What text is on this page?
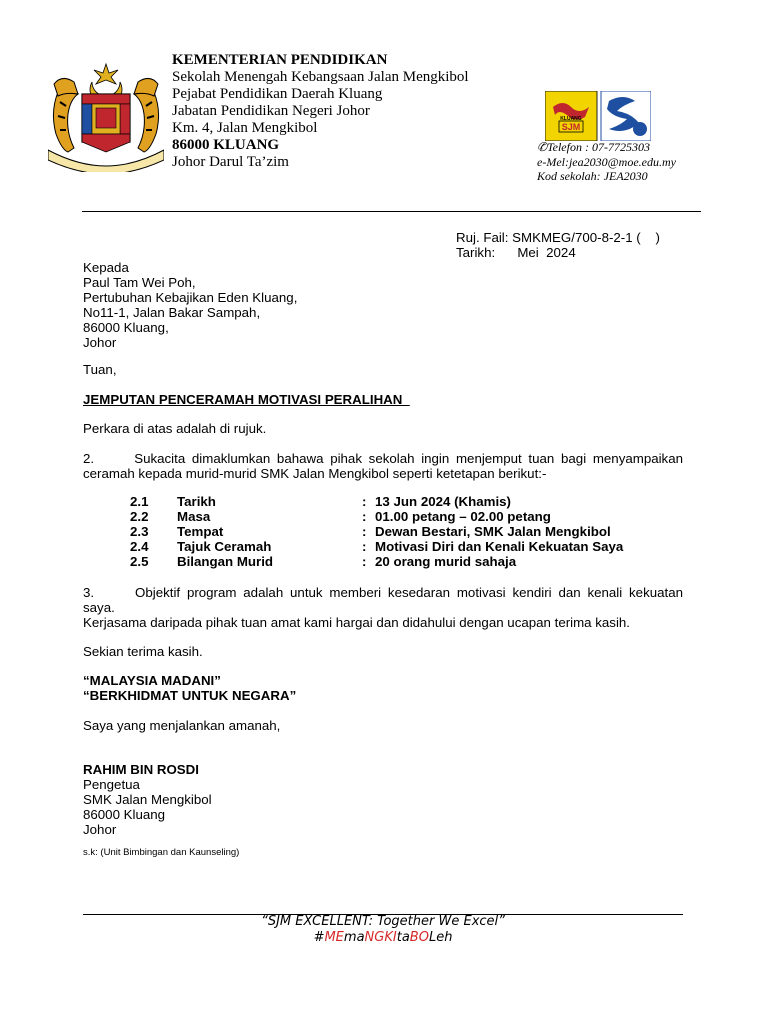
KEMENTERIAN PENDIDIKAN
Sekolah Menengah Kebangsaan Jalan Mengkibol
Pejabat Pendidikan Daerah Kluang
Jabatan Pendidikan Negeri Johor
Km. 4, Jalan Mengkibol
86000 KLUANG
Johor Darul Ta’zim
SJM
KLUANG
✆Telefon : 07-7725303
e-Mel:jea2030@moe.edu.my
Kod sekolah: JEA2030
Ruj. Fail: SMKMEG/700-8-2-1 (    )
Tarikh:      Mei  2024
Kepada
Paul Tam Wei Poh,
Pertubuhan Kebajikan Eden Kluang,
No11-1, Jalan Bakar Sampah,
86000 Kluang,
Johor
Tuan,
JEMPUTAN PENCERAMAH MOTIVASI PERALIHAN
Perkara di atas adalah di rujuk.
2.      Sukacita dimaklumkan bahawa pihak sekolah ingin menjemput tuan bagi menyampaikan
ceramah kepada murid-murid SMK Jalan Mengkibol seperti ketetapan berikut:-
2.1	Tarikh	:	13 Jun 2024 (Khamis)
2.2	Masa	:	01.00 petang – 02.00 petang
2.3	Tempat	:	Dewan Bestari, SMK Jalan Mengkibol
2.4	Tajuk Ceramah	:	Motivasi Diri dan Kenali Kekuatan Saya
2.5	Bilangan Murid	:	20 orang murid sahaja
3.      Objektif program adalah untuk memberi kesedaran motivasi kendiri dan kenali kekuatan
saya.
Kerjasama daripada pihak tuan amat kami hargai dan didahului dengan ucapan terima kasih.
Sekian terima kasih.
“MALAYSIA MADANI”
“BERKHIDMAT UNTUK NEGARA”
Saya yang menjalankan amanah,
RAHIM BIN ROSDI
Pengetua
SMK Jalan Mengkibol
86000 Kluang
Johor
s.k: (Unit Bimbingan dan Kaunseling)
“SJM EXCELLENT: Together We Excel”
#MEmaNGKItaBOLeh
